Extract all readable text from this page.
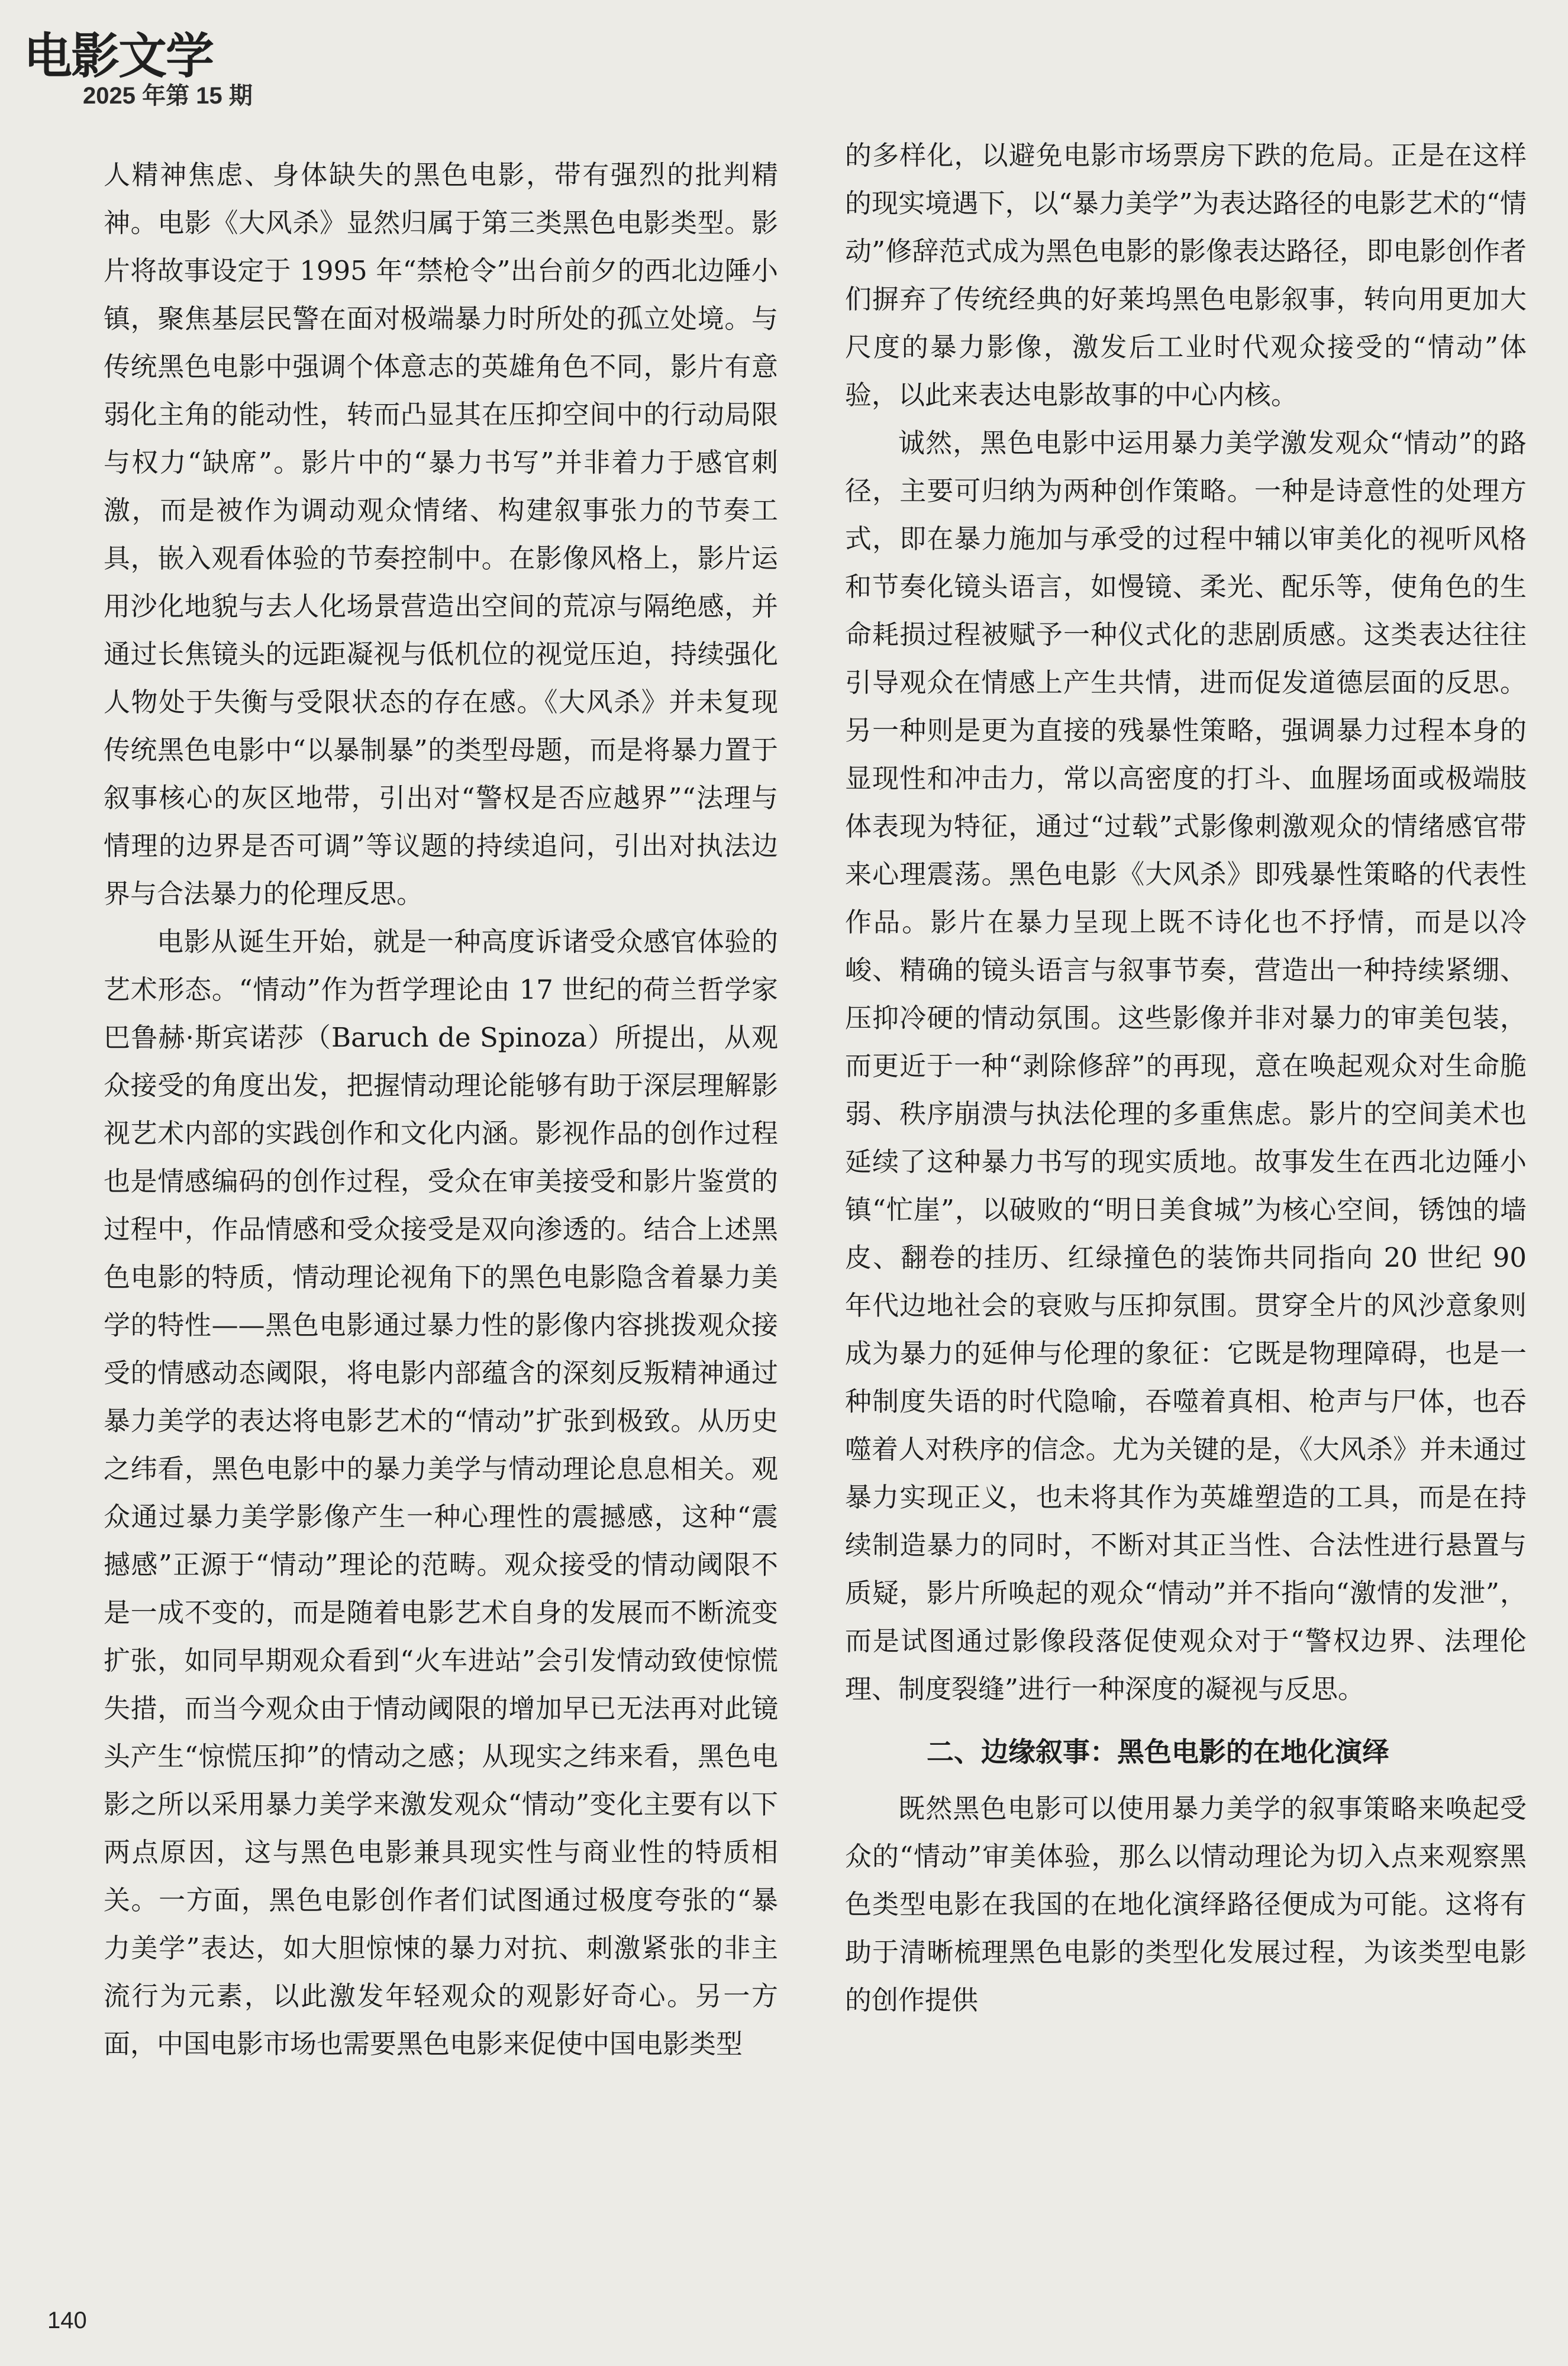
电影文学
2025 年第 15 期

人精神焦虑、身体缺失的黑色电影，带有强烈的批判精神。电影《大风杀》显然归属于第三类黑色电影类型。影片将故事设定于 1995 年“禁枪令”出台前夕的西北边陲小镇，聚焦基层民警在面对极端暴力时所处的孤立处境。与传统黑色电影中强调个体意志的英雄角色不同，影片有意弱化主角的能动性，转而凸显其在压抑空间中的行动局限与权力“缺席”。影片中的“暴力书写”并非着力于感官刺激，而是被作为调动观众情绪、构建叙事张力的节奏工具，嵌入观看体验的节奏控制中。在影像风格上，影片运用沙化地貌与去人化场景营造出空间的荒凉与隔绝感，并通过长焦镜头的远距凝视与低机位的视觉压迫，持续强化人物处于失衡与受限状态的存在感。《大风杀》并未复现传统黑色电影中“以暴制暴”的类型母题，而是将暴力置于叙事核心的灰区地带，引出对“警权是否应越界”“法理与情理的边界是否可调”等议题的持续追问，引出对执法边界与合法暴力的伦理反思。

电影从诞生开始，就是一种高度诉诸受众感官体验的艺术形态。“情动”作为哲学理论由 17 世纪的荷兰哲学家巴鲁赫·斯宾诺莎（Baruch de Spinoza）所提出，从观众接受的角度出发，把握情动理论能够有助于深层理解影视艺术内部的实践创作和文化内涵。影视作品的创作过程也是情感编码的创作过程，受众在审美接受和影片鉴赏的过程中，作品情感和受众接受是双向渗透的。结合上述黑色电影的特质，情动理论视角下的黑色电影隐含着暴力美学的特性——黑色电影通过暴力性的影像内容挑拨观众接受的情感动态阈限，将电影内部蕴含的深刻反叛精神通过暴力美学的表达将电影艺术的“情动”扩张到极致。从历史之纬看，黑色电影中的暴力美学与情动理论息息相关。观众通过暴力美学影像产生一种心理性的震撼感，这种“震撼感”正源于“情动”理论的范畴。观众接受的情动阈限不是一成不变的，而是随着电影艺术自身的发展而不断流变扩张，如同早期观众看到“火车进站”会引发情动致使惊慌失措，而当今观众由于情动阈限的增加早已无法再对此镜头产生“惊慌压抑”的情动之感；从现实之纬来看，黑色电影之所以采用暴力美学来激发观众“情动”变化主要有以下两点原因，这与黑色电影兼具现实性与商业性的特质相关。一方面，黑色电影创作者们试图通过极度夸张的“暴力美学”表达，如大胆惊悚的暴力对抗、刺激紧张的非主流行为元素，以此激发年轻观众的观影好奇心。另一方面，中国电影市场也需要黑色电影来促使中国电影类型

的多样化，以避免电影市场票房下跌的危局。正是在这样的现实境遇下，以“暴力美学”为表达路径的电影艺术的“情动”修辞范式成为黑色电影的影像表达路径，即电影创作者们摒弃了传统经典的好莱坞黑色电影叙事，转向用更加大尺度的暴力影像，激发后工业时代观众接受的“情动”体验，以此来表达电影故事的中心内核。

诚然，黑色电影中运用暴力美学激发观众“情动”的路径，主要可归纳为两种创作策略。一种是诗意性的处理方式，即在暴力施加与承受的过程中辅以审美化的视听风格和节奏化镜头语言，如慢镜、柔光、配乐等，使角色的生命耗损过程被赋予一种仪式化的悲剧质感。这类表达往往引导观众在情感上产生共情，进而促发道德层面的反思。另一种则是更为直接的残暴性策略，强调暴力过程本身的显现性和冲击力，常以高密度的打斗、血腥场面或极端肢体表现为特征，通过“过载”式影像刺激观众的情绪感官带来心理震荡。黑色电影《大风杀》即残暴性策略的代表性作品。影片在暴力呈现上既不诗化也不抒情，而是以冷峻、精确的镜头语言与叙事节奏，营造出一种持续紧绷、压抑冷硬的情动氛围。这些影像并非对暴力的审美包装，而更近于一种“剥除修辞”的再现，意在唤起观众对生命脆弱、秩序崩溃与执法伦理的多重焦虑。影片的空间美术也延续了这种暴力书写的现实质地。故事发生在西北边陲小镇“忙崖”，以破败的“明日美食城”为核心空间，锈蚀的墙皮、翻卷的挂历、红绿撞色的装饰共同指向 20 世纪 90 年代边地社会的衰败与压抑氛围。贯穿全片的风沙意象则成为暴力的延伸与伦理的象征：它既是物理障碍，也是一种制度失语的时代隐喻，吞噬着真相、枪声与尸体，也吞噬着人对秩序的信念。尤为关键的是，《大风杀》并未通过暴力实现正义，也未将其作为英雄塑造的工具，而是在持续制造暴力的同时，不断对其正当性、合法性进行悬置与质疑，影片所唤起的观众“情动”并不指向“激情的发泄”，而是试图通过影像段落促使观众对于“警权边界、法理伦理、制度裂缝”进行一种深度的凝视与反思。

二、边缘叙事：黑色电影的在地化演绎

既然黑色电影可以使用暴力美学的叙事策略来唤起受众的“情动”审美体验，那么以情动理论为切入点来观察黑色类型电影在我国的在地化演绎路径便成为可能。这将有助于清晰梳理黑色电影的类型化发展过程，为该类型电影的创作提供

140
